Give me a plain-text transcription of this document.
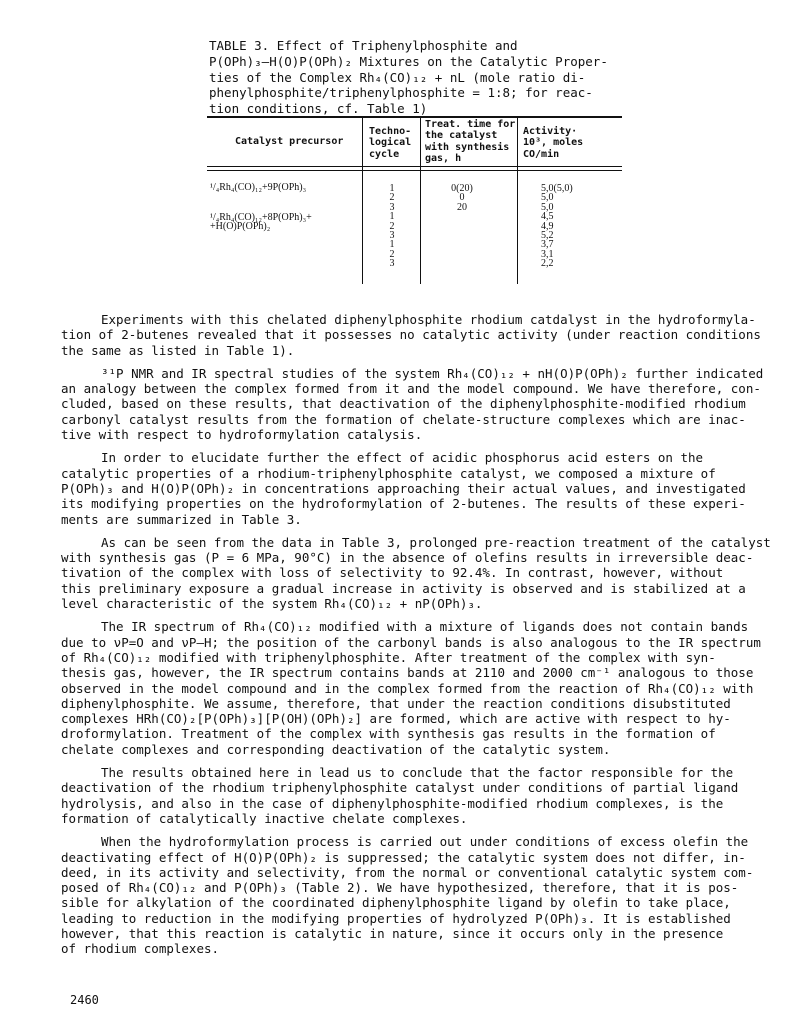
TABLE 3. Effect of Triphenylphosphite and
P(OPh)₃–H(O)P(OPh)₂ Mixtures on the Catalytic Proper-
ties of the Complex Rh₄(CO)₁₂ + nL (mole ratio di-
phenylphosphite/triphenylphosphite = 1:8; for reac-
tion conditions, cf. Table 1)
Catalyst precursor
Techno-
logical
cycle
Treat. time for
the catalyst
with synthesis
gas, h
Activity·
10³, moles
CO/min
¹/₄Rh₄(CO)₁₂+9P(OPh)₃
¹/₄Rh₄(CO)₁₂+8P(OPh)₃+
+H(O)P(OPh)₂
1
2
3
1
2
3
1
2
3
0(20)
0
20
5,0(5,0)
5,0
5,0
4,5
4,9
5,2
3,7
3,1
2,2

Experiments with this chelated diphenylphosphite rhodium catdalyst in the hydroformyla-
tion of 2-butenes revealed that it possesses no catalytic activity (under reaction conditions
the same as listed in Table 1).

³¹P NMR and IR spectral studies of the system Rh₄(CO)₁₂ + nH(O)P(OPh)₂ further indicated
an analogy between the complex formed from it and the model compound. We have therefore, con-
cluded, based on these results, that deactivation of the diphenylphosphite-modified rhodium
carbonyl catalyst results from the formation of chelate-structure complexes which are inac-
tive with respect to hydroformylation catalysis.

In order to elucidate further the effect of acidic phosphorus acid esters on the
catalytic properties of a rhodium-triphenylphosphite catalyst, we composed a mixture of
P(OPh)₃ and H(O)P(OPh)₂ in concentrations approaching their actual values, and investigated
its modifying properties on the hydroformylation of 2-butenes. The results of these experi-
ments are summarized in Table 3.

As can be seen from the data in Table 3, prolonged pre-reaction treatment of the catalyst
with synthesis gas (P = 6 MPa, 90°C) in the absence of olefins results in irreversible deac-
tivation of the complex with loss of selectivity to 92.4%. In contrast, however, without
this preliminary exposure a gradual increase in activity is observed and is stabilized at a
level characteristic of the system Rh₄(CO)₁₂ + nP(OPh)₃.

The IR spectrum of Rh₄(CO)₁₂ modified with a mixture of ligands does not contain bands
due to νP=O and νP–H; the position of the carbonyl bands is also analogous to the IR spectrum
of Rh₄(CO)₁₂ modified with triphenylphosphite. After treatment of the complex with syn-
thesis gas, however, the IR spectrum contains bands at 2110 and 2000 cm⁻¹ analogous to those
observed in the model compound and in the complex formed from the reaction of Rh₄(CO)₁₂ with
diphenylphosphite. We assume, therefore, that under the reaction conditions disubstituted
complexes HRh(CO)₂[P(OPh)₃][P(OH)(OPh)₂] are formed, which are active with respect to hy-
droformylation. Treatment of the complex with synthesis gas results in the formation of
chelate complexes and corresponding deactivation of the catalytic system.

The results obtained here in lead us to conclude that the factor responsible for the
deactivation of the rhodium triphenylphosphite catalyst under conditions of partial ligand
hydrolysis, and also in the case of diphenylphosphite-modified rhodium complexes, is the
formation of catalytically inactive chelate complexes.

When the hydroformylation process is carried out under conditions of excess olefin the
deactivating effect of H(O)P(OPh)₂ is suppressed; the catalytic system does not differ, in-
deed, in its activity and selectivity, from the normal or conventional catalytic system com-
posed of Rh₄(CO)₁₂ and P(OPh)₃ (Table 2). We have hypothesized, therefore, that it is pos-
sible for alkylation of the coordinated diphenylphosphite ligand by olefin to take place,
leading to reduction in the modifying properties of hydrolyzed P(OPh)₃. It is established
however, that this reaction is catalytic in nature, since it occurs only in the presence
of rhodium complexes.

2460
